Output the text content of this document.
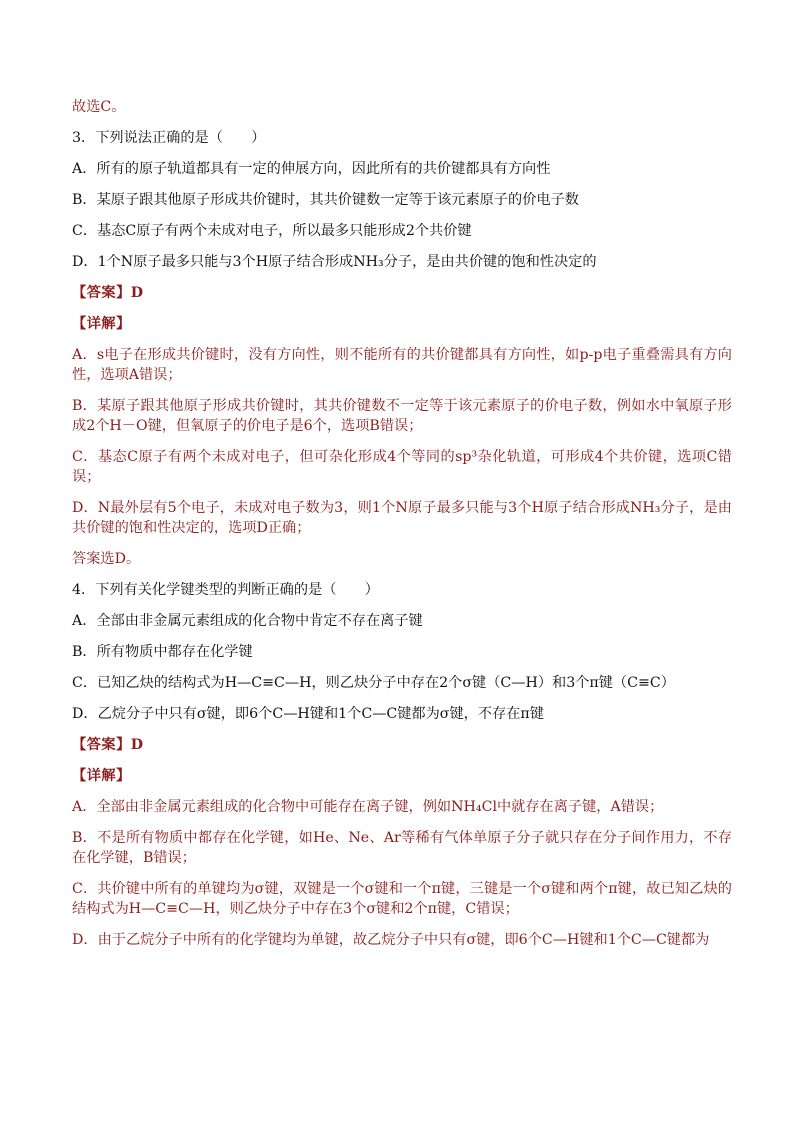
故选C。
3．下列说法正确的是（　　）
A．所有的原子轨道都具有一定的伸展方向，因此所有的共价键都具有方向性
B．某原子跟其他原子形成共价键时，其共价键数一定等于该元素原子的价电子数
C．基态C原子有两个未成对电子，所以最多只能形成2个共价键
D．1个N原子最多只能与3个H原子结合形成NH₃分子，是由共价键的饱和性决定的
【答案】D
【详解】
A．s电子在形成共价键时，没有方向性，则不能所有的共价键都具有方向性，如p-p电子重叠需具有方向性，选项A错误；
B．某原子跟其他原子形成共价键时，其共价键数不一定等于该元素原子的价电子数，例如水中氧原子形成2个H－O键，但氧原子的价电子是6个，选项B错误；
C．基态C原子有两个未成对电子，但可杂化形成4个等同的sp³杂化轨道，可形成4个共价键，选项C错误；
D．N最外层有5个电子，未成对电子数为3，则1个N原子最多只能与3个H原子结合形成NH₃分子，是由共价键的饱和性决定的，选项D正确；
答案选D。
4．下列有关化学键类型的判断正确的是（　　）
A．全部由非金属元素组成的化合物中肯定不存在离子键
B．所有物质中都存在化学键
C．已知乙炔的结构式为H—C≡C—H，则乙炔分子中存在2个σ键（C—H）和3个π键（C≡C）
D．乙烷分子中只有σ键，即6个C—H键和1个C—C键都为σ键，不存在π键
【答案】D
【详解】
A．全部由非金属元素组成的化合物中可能存在离子键，例如NH₄Cl中就存在离子键，A错误；
B．不是所有物质中都存在化学键，如He、Ne、Ar等稀有气体单原子分子就只存在分子间作用力，不存在化学键，B错误；
C．共价键中所有的单键均为σ键，双键是一个σ键和一个π键，三键是一个σ键和两个π键，故已知乙炔的结构式为H—C≡C—H，则乙炔分子中存在3个σ键和2个π键，C错误；
D．由于乙烷分子中所有的化学键均为单键，故乙烷分子中只有σ键，即6个C—H键和1个C—C键都为
